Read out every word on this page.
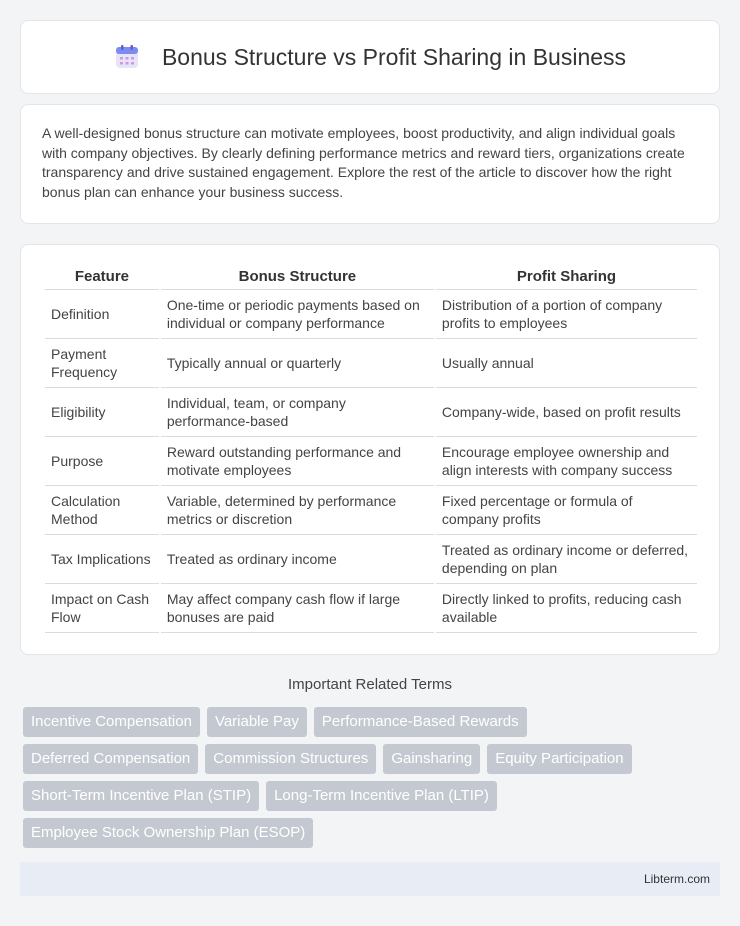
Bonus Structure vs Profit Sharing in Business

A well-designed bonus structure can motivate employees, boost productivity, and align individual goals with company objectives. By clearly defining performance metrics and reward tiers, organizations create transparency and drive sustained engagement. Explore the rest of the article to discover how the right bonus plan can enhance your business success.

Feature	Bonus Structure	Profit Sharing
Definition	One-time or periodic payments based on individual or company performance	Distribution of a portion of company profits to employees
Payment Frequency	Typically annual or quarterly	Usually annual
Eligibility	Individual, team, or company performance-based	Company-wide, based on profit results
Purpose	Reward outstanding performance and motivate employees	Encourage employee ownership and align interests with company success
Calculation Method	Variable, determined by performance metrics or discretion	Fixed percentage or formula of company profits
Tax Implications	Treated as ordinary income	Treated as ordinary income or deferred, depending on plan
Impact on Cash Flow	May affect company cash flow if large bonuses are paid	Directly linked to profits, reducing cash available
Important Related Terms
Incentive Compensation	Variable Pay	Performance-Based Rewards
Deferred Compensation	Commission Structures	Gainsharing	Equity Participation
Short-Term Incentive Plan (STIP)	Long-Term Incentive Plan (LTIP)
Employee Stock Ownership Plan (ESOP)
Libterm.com
